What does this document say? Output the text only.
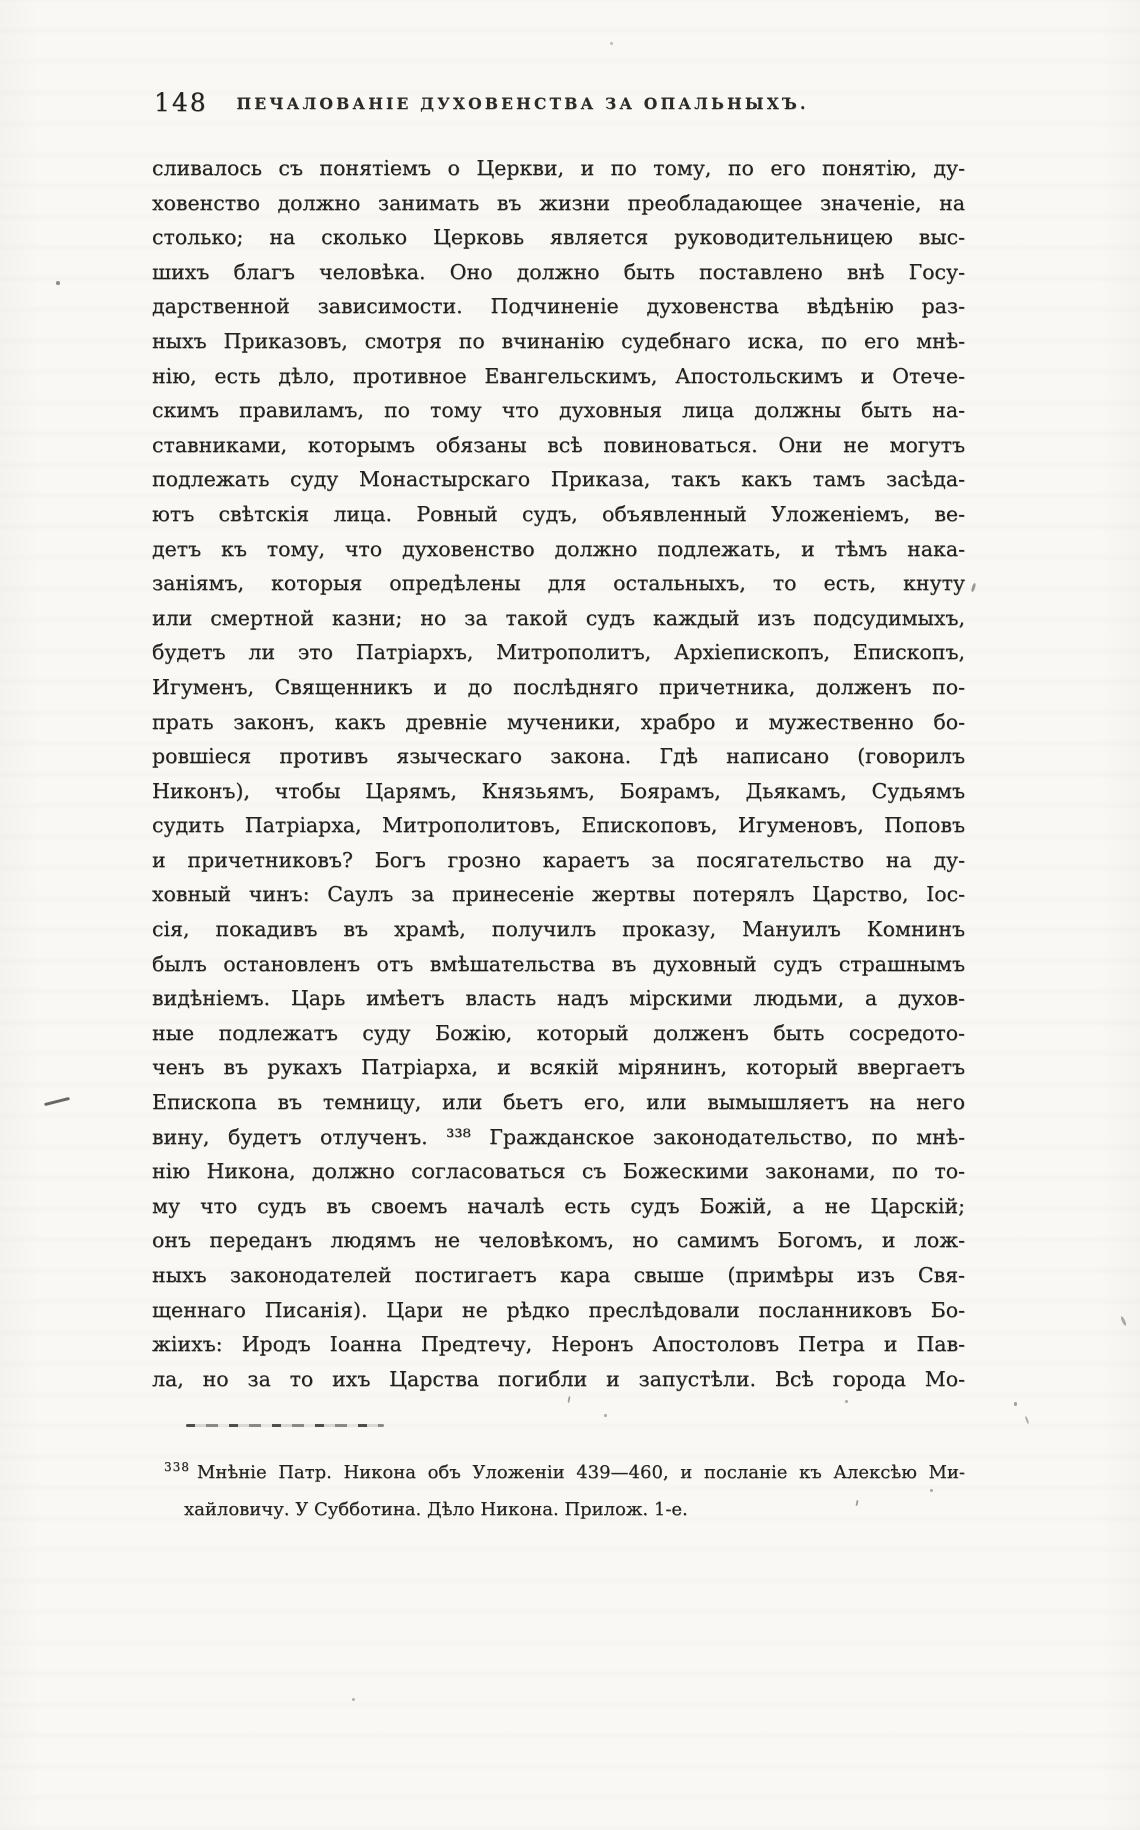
148	ПЕЧАЛОВАНІЕ ДУХОВЕНСТВА ЗА ОПАЛЬНЫХЪ.
сливалось съ понятіемъ о Церкви, и по тому, по его понятію, ду-
ховенство должно занимать въ жизни преобладающее значеніе, на
столько; на сколько Церковь является руководительницею выс-
шихъ благъ человѣка. Оно должно быть поставлено внѣ Госу-
дарственной зависимости. Подчиненіе духовенства вѣдѣнію раз-
ныхъ Приказовъ, смотря по вчинанію судебнаго иска, по его мнѣ-
нію, есть дѣло, противное Евангельскимъ, Апостольскимъ и Отече-
скимъ правиламъ, по тому что духовныя лица должны быть на-
ставниками, которымъ обязаны всѣ повиноваться. Они не могутъ
подлежать суду Монастырскаго Приказа, такъ какъ тамъ засѣда-
ютъ свѣтскія лица. Ровный судъ, объявленный Уложеніемъ, ве-
детъ къ тому, что духовенство должно подлежать, и тѣмъ нака-
заніямъ, которыя опредѣлены для остальныхъ, то есть, кнуту
или смертной казни; но за такой судъ каждый изъ подсудимыхъ,
будетъ ли это Патріархъ, Митрополитъ, Архіепископъ, Епископъ,
Игуменъ, Священникъ и до послѣдняго причетника, долженъ по-
прать законъ, какъ древніе мученики, храбро и мужественно бо-
ровшіеся противъ языческаго закона. Гдѣ написано (говорилъ
Никонъ), чтобы Царямъ, Князьямъ, Боярамъ, Дьякамъ, Судьямъ
судить Патріарха, Митрополитовъ, Епископовъ, Игуменовъ, Поповъ
и причетниковъ? Богъ грозно караетъ за посягательство на ду-
ховный чинъ: Саулъ за принесеніе жертвы потерялъ Царство, Іос-
сія, покадивъ въ храмѣ, получилъ проказу, Мануилъ Комнинъ
былъ остановленъ отъ вмѣшательства въ духовный судъ страшнымъ
видѣніемъ. Царь имѣетъ власть надъ мірскими людьми, а духов-
ные подлежатъ суду Божію, который долженъ быть сосредото-
ченъ въ рукахъ Патріарха, и всякій мірянинъ, который ввергаетъ
Епископа въ темницу, или бьетъ его, или вымышляетъ на него
вину, будетъ отлученъ. ³³⁸ Гражданское законодательство, по мнѣ-
нію Никона, должно согласоваться съ Божескими законами, по то-
му что судъ въ своемъ началѣ есть судъ Божій, а не Царскій;
онъ переданъ людямъ не человѣкомъ, но самимъ Богомъ, и лож-
ныхъ законодателей постигаетъ кара свыше (примѣры изъ Свя-
щеннаго Писанія). Цари не рѣдко преслѣдовали посланниковъ Бо-
жіихъ: Иродъ Іоанна Предтечу, Неронъ Апостоловъ Петра и Пав-
ла, но за то ихъ Царства погибли и запустѣли. Всѣ города Мо-
338 Мнѣніе Патр. Никона объ Уложеніи 439—460, и посланіе къ Алексѣю Ми-
хайловичу. У Субботина. Дѣло Никона. Прилож. 1-е.
